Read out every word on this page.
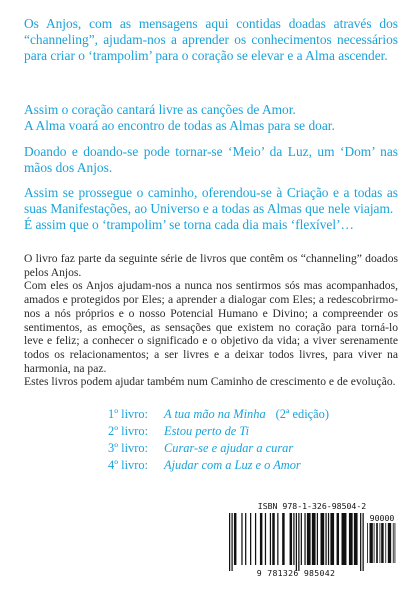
Os Anjos, com as mensagens aqui contidas doadas através dos “channeling”, ajudam-nos a aprender os conhecimentos necessários para criar o ‘trampolim’ para o coração se elevar e a Alma ascender.

Assim o coração cantará livre as canções de Amor.

A Alma voará ao encontro de todas as Almas para se doar.

Doando e doando-se pode tornar-se ‘Meio’ da Luz, um ‘Dom’ nas mãos dos Anjos.

Assim se prossegue o caminho, oferendou-se à Criação e a todas as suas Manifestações, ao Universo e a todas as Almas que nele viajam.

É assim que o ‘trampolim’ se torna cada dia mais ‘flexível’…

O livro faz parte da seguinte série de livros que contêm os “channeling” doados pelos Anjos.

Com eles os Anjos ajudam-nos a nunca nos sentirmos sós mas acompanhados, amados e protegidos por Eles; a aprender a dialogar com Eles; a redescobrirmo-nos a nós próprios e o nosso Potencial Humano e Divino; a compreender os sentimentos, as emoções, as sensações que existem no coração para torná-lo leve e feliz; a conhecer o significado e o objetivo da vida; a viver serenamente todos os relacionamentos; a ser livres e a deixar todos livres, para viver na harmonia, na paz.

Estes livros podem ajudar também num Caminho de crescimento e de evolução.

1º livro: A tua mão na Minha (2ª edição)
2º livro: Estou perto de Ti
3º livro: Curar-se e ajudar a curar
4º livro: Ajudar com a Luz e o Amor
ISBN 978-1-326-98504-2
90000
9 781326 985042
